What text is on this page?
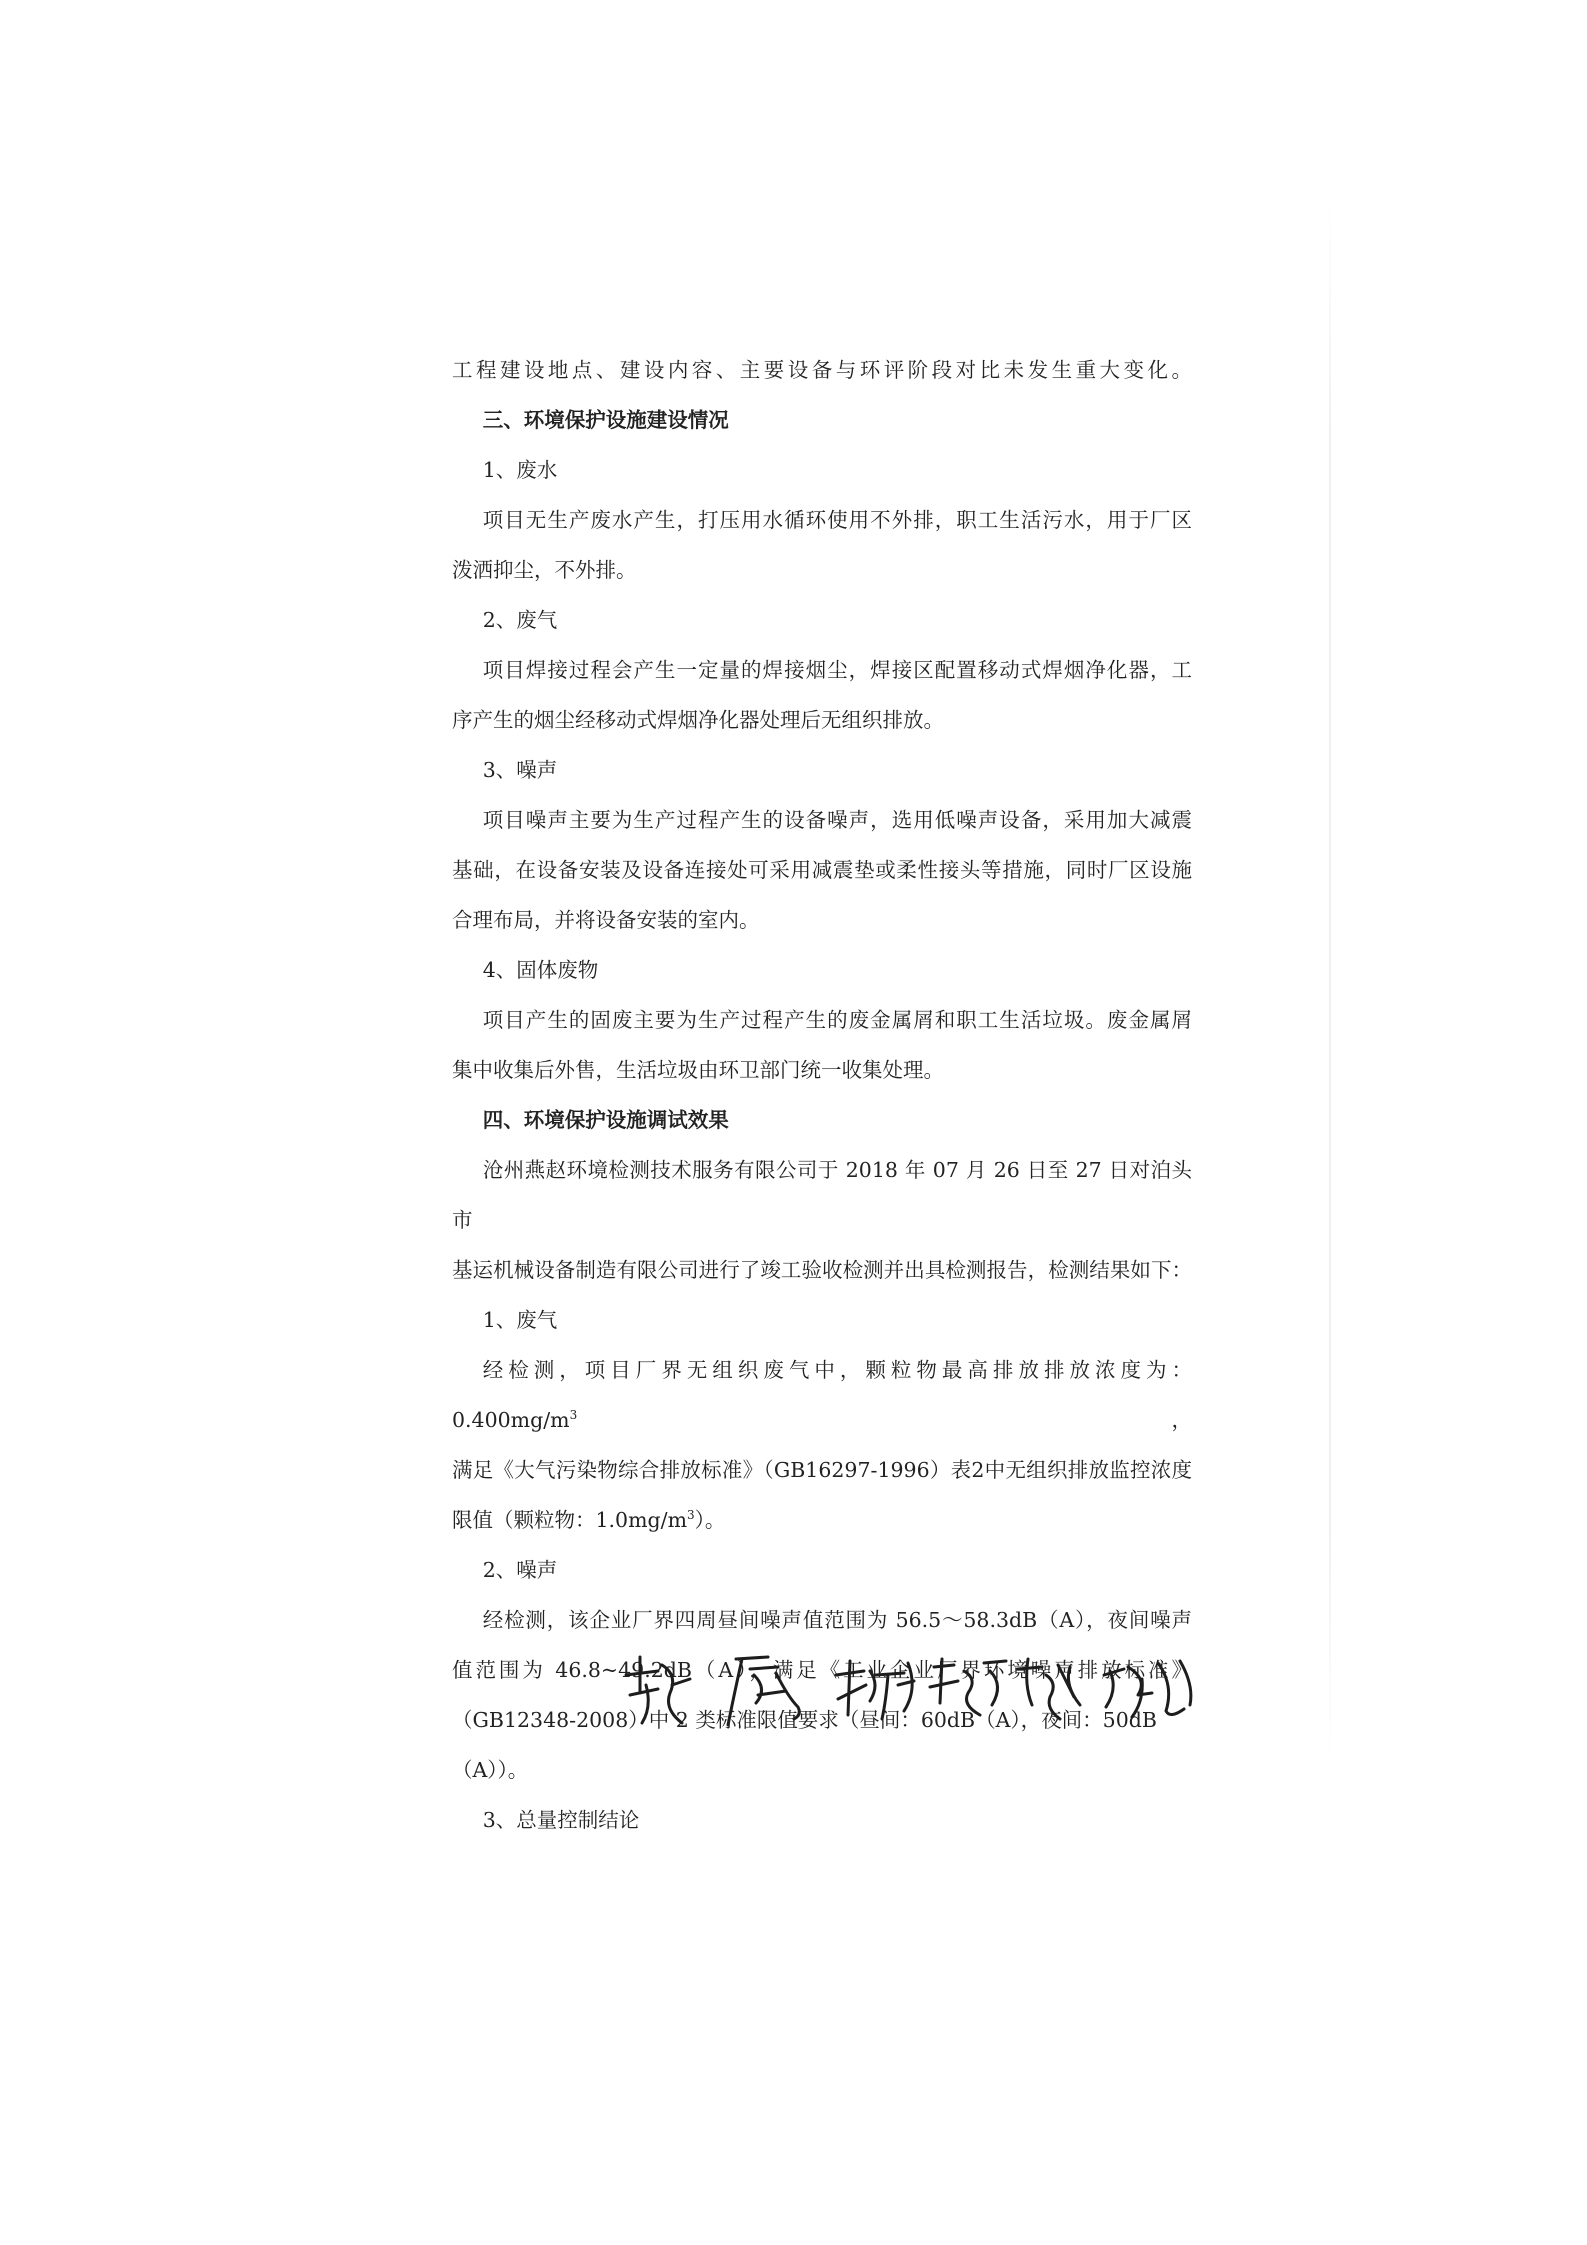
工程建设地点、建设内容、主要设备与环评阶段对比未发生重大变化。

三、环境保护设施建设情况

1、废水

项目无生产废水产生，打压用水循环使用不外排，职工生活污水，用于厂区

泼洒抑尘，不外排。

2、废气

项目焊接过程会产生一定量的焊接烟尘，焊接区配置移动式焊烟净化器，工

序产生的烟尘经移动式焊烟净化器处理后无组织排放。

3、噪声

项目噪声主要为生产过程产生的设备噪声，选用低噪声设备，采用加大减震

基础，在设备安装及设备连接处可采用减震垫或柔性接头等措施，同时厂区设施

合理布局，并将设备安装的室内。

4、固体废物

项目产生的固废主要为生产过程产生的废金属屑和职工生活垃圾。废金属屑

集中收集后外售，生活垃圾由环卫部门统一收集处理。

四、环境保护设施调试效果

沧州燕赵环境检测技术服务有限公司于 2018 年 07 月 26 日至 27 日对泊头市

基运机械设备制造有限公司进行了竣工验收检测并出具检测报告，检测结果如下：

1、废气

经检测，项目厂界无组织废气中，颗粒物最高排放排放浓度为：$0.400mg/m^3$，

满足《大气污染物综合排放标准》（GB16297-1996）表2中无组织排放监控浓度

限值（颗粒物：$1.0mg/m^3$）。

2、噪声

经检测，该企业厂界四周昼间噪声值范围为 56.5～58.3dB（A），夜间噪声

值范围为 46.8~49.2dB（A），满足《工业企业厂界环境噪声排放标准》

（GB12348-2008）中 2 类标准限值要求（昼间：60dB（A），夜间：50dB（A））。

3、总量控制结论
